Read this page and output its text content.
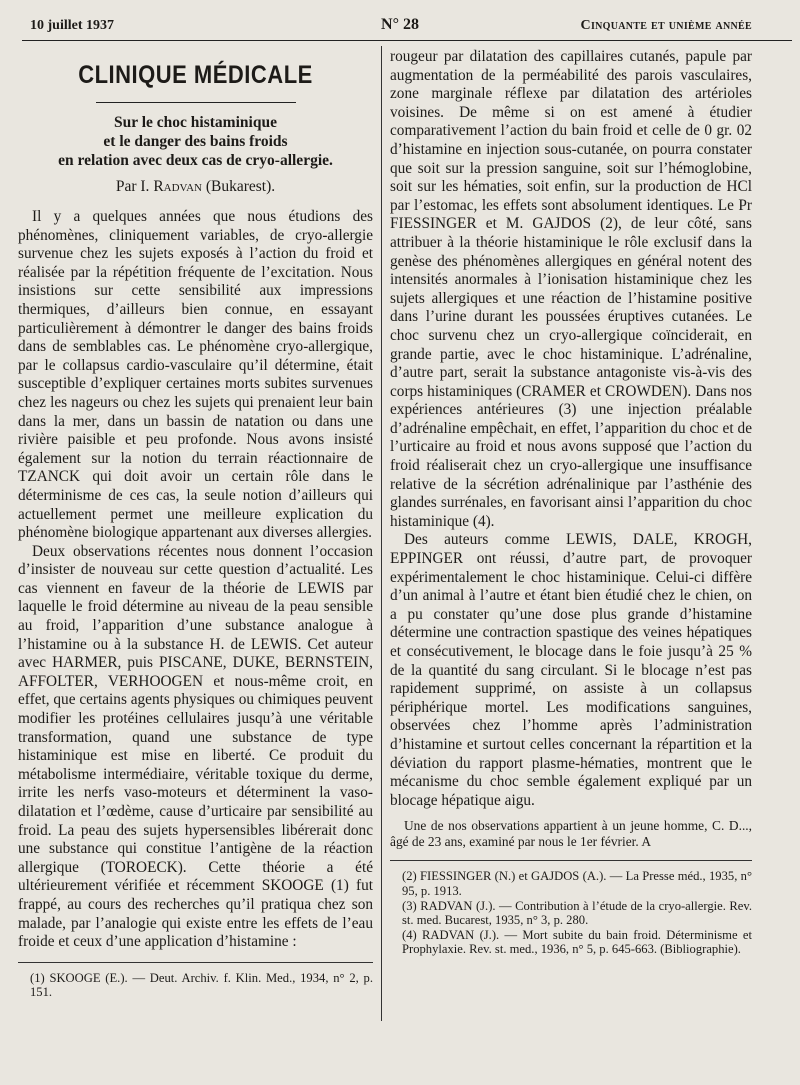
10 juillet 1937	N° 28	Cinquante et unième année
CLINIQUE MÉDICALE

Sur le choc histaminique
et le danger des bains froids
en relation avec deux cas de cryo-allergie.

Par I. Radvan (Bukarest).

Il y a quelques années que nous étudions des phénomènes, cliniquement variables, de cryo-allergie survenue chez les sujets exposés à l’action du froid et réalisée par la répétition fréquente de l’excitation. Nous insistions sur cette sensibilité aux impressions thermiques, d’ailleurs bien connue, en essayant particulièrement à démontrer le danger des bains froids dans de semblables cas. Le phénomène cryo-allergique, par le collapsus cardio-vasculaire qu’il détermine, était susceptible d’expliquer certaines morts subites survenues chez les nageurs ou chez les sujets qui prenaient leur bain dans la mer, dans un bassin de natation ou dans une rivière paisible et peu profonde. Nous avons insisté également sur la notion du terrain réactionnaire de TZANCK qui doit avoir un certain rôle dans le déterminisme de ces cas, la seule notion d’ailleurs qui actuellement permet une meilleure explication du phénomène biologique appartenant aux diverses allergies.

Deux observations récentes nous donnent l’occasion d’insister de nouveau sur cette question d’actualité. Les cas viennent en faveur de la théorie de LEWIS par laquelle le froid détermine au niveau de la peau sensible au froid, l’apparition d’une substance analogue à l’histamine ou à la substance H. de LEWIS. Cet auteur avec HARMER, puis PISCANE, DUKE, BERNSTEIN, AFFOLTER, VERHOOGEN et nous-même croit, en effet, que certains agents physiques ou chimiques peuvent modifier les protéines cellulaires jusqu’à une véritable transformation, quand une substance de type histaminique est mise en liberté. Ce produit du métabolisme intermédiaire, véritable toxique du derme, irrite les nerfs vaso-moteurs et déterminent la vaso-dilatation et l’œdème, cause d’urticaire par sensibilité au froid. La peau des sujets hypersensibles libérerait donc une substance qui constitue l’antigène de la réaction allergique (TOROECK). Cette théorie a été ultérieurement vérifiée et récemment SKOOGE (1) fut frappé, au cours des recherches qu’il pratiqua chez son malade, par l’analogie qui existe entre les effets de l’eau froide et ceux d’une application d’histamine :

(1) SKOOGE (E.). — Deut. Archiv. f. Klin. Med., 1934, n° 2, p. 151.

rougeur par dilatation des capillaires cutanés, papule par augmentation de la perméabilité des parois vasculaires, zone marginale réflexe par dilatation des artérioles voisines. De même si on est amené à étudier comparativement l’action du bain froid et celle de 0 gr. 02 d’histamine en injection sous-cutanée, on pourra constater que soit sur la pression sanguine, soit sur l’hémoglobine, soit sur les hématies, soit enfin, sur la production de HCl par l’estomac, les effets sont absolument identiques. Le Pr FIESSINGER et M. GAJDOS (2), de leur côté, sans attribuer à la théorie histaminique le rôle exclusif dans la genèse des phénomènes allergiques en général notent des intensités anormales à l’ionisation histaminique chez les sujets allergiques et une réaction de l’histamine positive dans l’urine durant les poussées éruptives cutanées. Le choc survenu chez un cryo-allergique coïnciderait, en grande partie, avec le choc histaminique. L’adrénaline, d’autre part, serait la substance antagoniste vis-à-vis des corps histaminiques (CRAMER et CROWDEN). Dans nos expériences antérieures (3) une injection préalable d’adrénaline empêchait, en effet, l’apparition du choc et de l’urticaire au froid et nous avons supposé que l’action du froid réaliserait chez un cryo-allergique une insuffisance relative de la sécrétion adrénalinique par l’asthénie des glandes surrénales, en favorisant ainsi l’apparition du choc histaminique (4).

Des auteurs comme LEWIS, DALE, KROGH, EPPINGER ont réussi, d’autre part, de provoquer expérimentalement le choc histaminique. Celui-ci diffère d’un animal à l’autre et étant bien étudié chez le chien, on a pu constater qu’une dose plus grande d’histamine détermine une contraction spastique des veines hépatiques et consécutivement, le blocage dans le foie jusqu’à 25 % de la quantité du sang circulant. Si le blocage n’est pas rapidement supprimé, on assiste à un collapsus périphérique mortel. Les modifications sanguines, observées chez l’homme après l’administration d’histamine et surtout celles concernant la répartition et la déviation du rapport plasme-hématies, montrent que le mécanisme du choc semble également expliqué par un blocage hépatique aigu.

Une de nos observations appartient à un jeune homme, C. D..., âgé de 23 ans, examiné par nous le 1er février. A

(2) FIESSINGER (N.) et GAJDOS (A.). — La Presse méd., 1935, n° 95, p. 1913.

(3) RADVAN (J.). — Contribution à l’étude de la cryo-allergie. Rev. st. med. Bucarest, 1935, n° 3, p. 280.

(4) RADVAN (J.). — Mort subite du bain froid. Déterminisme et Prophylaxie. Rev. st. med., 1936, n° 5, p. 645-663. (Bibliographie).
